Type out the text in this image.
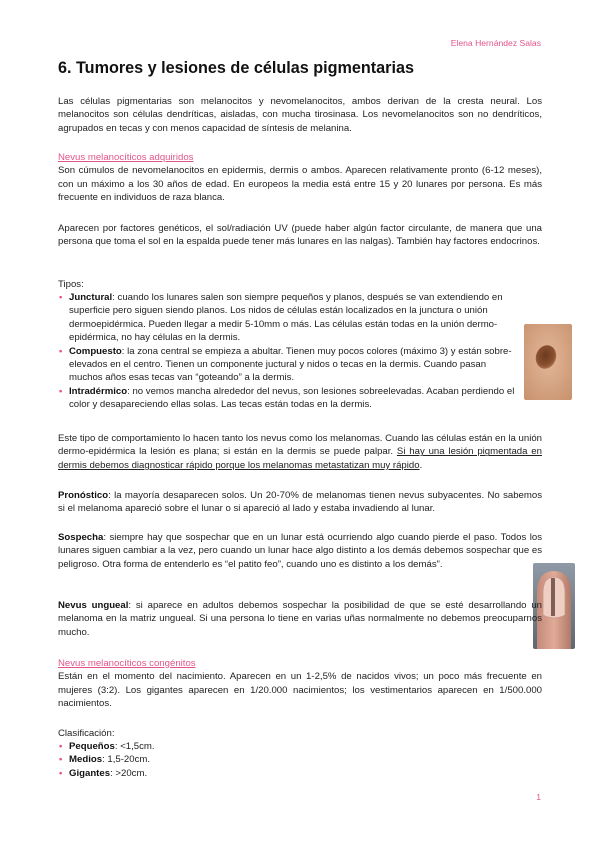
Elena Hernández Salas
6. Tumores y lesiones de células pigmentarias
Las células pigmentarias son melanocitos y nevomelanocitos, ambos derivan de la cresta neural. Los melanocitos son células dendríticas, aisladas, con mucha tirosinasa. Los nevomelanocitos son no dendríticos, agrupados en tecas y con menos capacidad de síntesis de melanina.
Nevus melanocíticos adquiridos
Son cúmulos de nevomelanocitos en epidermis, dermis o ambos. Aparecen relativamente pronto (6-12 meses), con un máximo a los 30 años de edad. En europeos la media está entre 15 y 20 lunares por persona. Es más frecuente en individuos de raza blanca.
Aparecen por factores genéticos, el sol/radiación UV (puede haber algún factor circulante, de manera que una persona que toma el sol en la espalda puede tener más lunares en las nalgas). También hay factores endocrinos.
Tipos:
• Junctural: cuando los lunares salen son siempre pequeños y planos, después se van extendiendo en superficie pero siguen siendo planos. Los nidos de células están localizados en la junctura o unión dermoepidérmica. Pueden llegar a medir 5-10mm o más. Las células están todas en la unión dermo-epidérmica, no hay células en la dermis.
• Compuesto: la zona central se empieza a abultar. Tienen muy pocos colores (máximo 3) y están sobre-elevados en el centro. Tienen un componente juctural y nidos o tecas en la dermis. Cuando pasan muchos años esas tecas van “goteando” a la dermis.
• Intradérmico: no vemos mancha alrededor del nevus, son lesiones sobreelevadas. Acaban perdiendo el color y desapareciendo ellas solas. Las tecas están todas en la dermis.
Este tipo de comportamiento lo hacen tanto los nevus como los melanomas. Cuando las células están en la unión dermo-epidérmica la lesión es plana; si están en la dermis se puede palpar. Si hay una lesión pigmentada en dermis debemos diagnosticar rápido porque los melanomas metastatizan muy rápido.
Pronóstico: la mayoría desaparecen solos. Un 20-70% de melanomas tienen nevus subyacentes. No sabemos si el melanoma apareció sobre el lunar o si apareció al lado y estaba invadiendo al lunar.
Sospecha: siempre hay que sospechar que en un lunar está ocurriendo algo cuando pierde el paso. Todos los lunares siguen cambiar a la vez, pero cuando un lunar hace algo distinto a los demás debemos sospechar que es peligroso. Otra forma de entenderlo es “el patito feo”, cuando uno es distinto a los demás”.
Nevus ungueal: si aparece en adultos debemos sospechar la posibilidad de que se esté desarrollando un melanoma en la matriz ungueal. Si una persona lo tiene en varias uñas normalmente no debemos preocuparnos mucho.
Nevus melanocíticos congénitos
Están en el momento del nacimiento. Aparecen en un 1-2,5% de nacidos vivos; un poco más frecuente en mujeres (3:2). Los gigantes aparecen en 1/20.000 nacimientos; los vestimentarios aparecen en 1/500.000 nacimientos.
Clasificación:
• Pequeños: <1,5cm.
• Medios: 1,5-20cm.
• Gigantes: >20cm.
1
